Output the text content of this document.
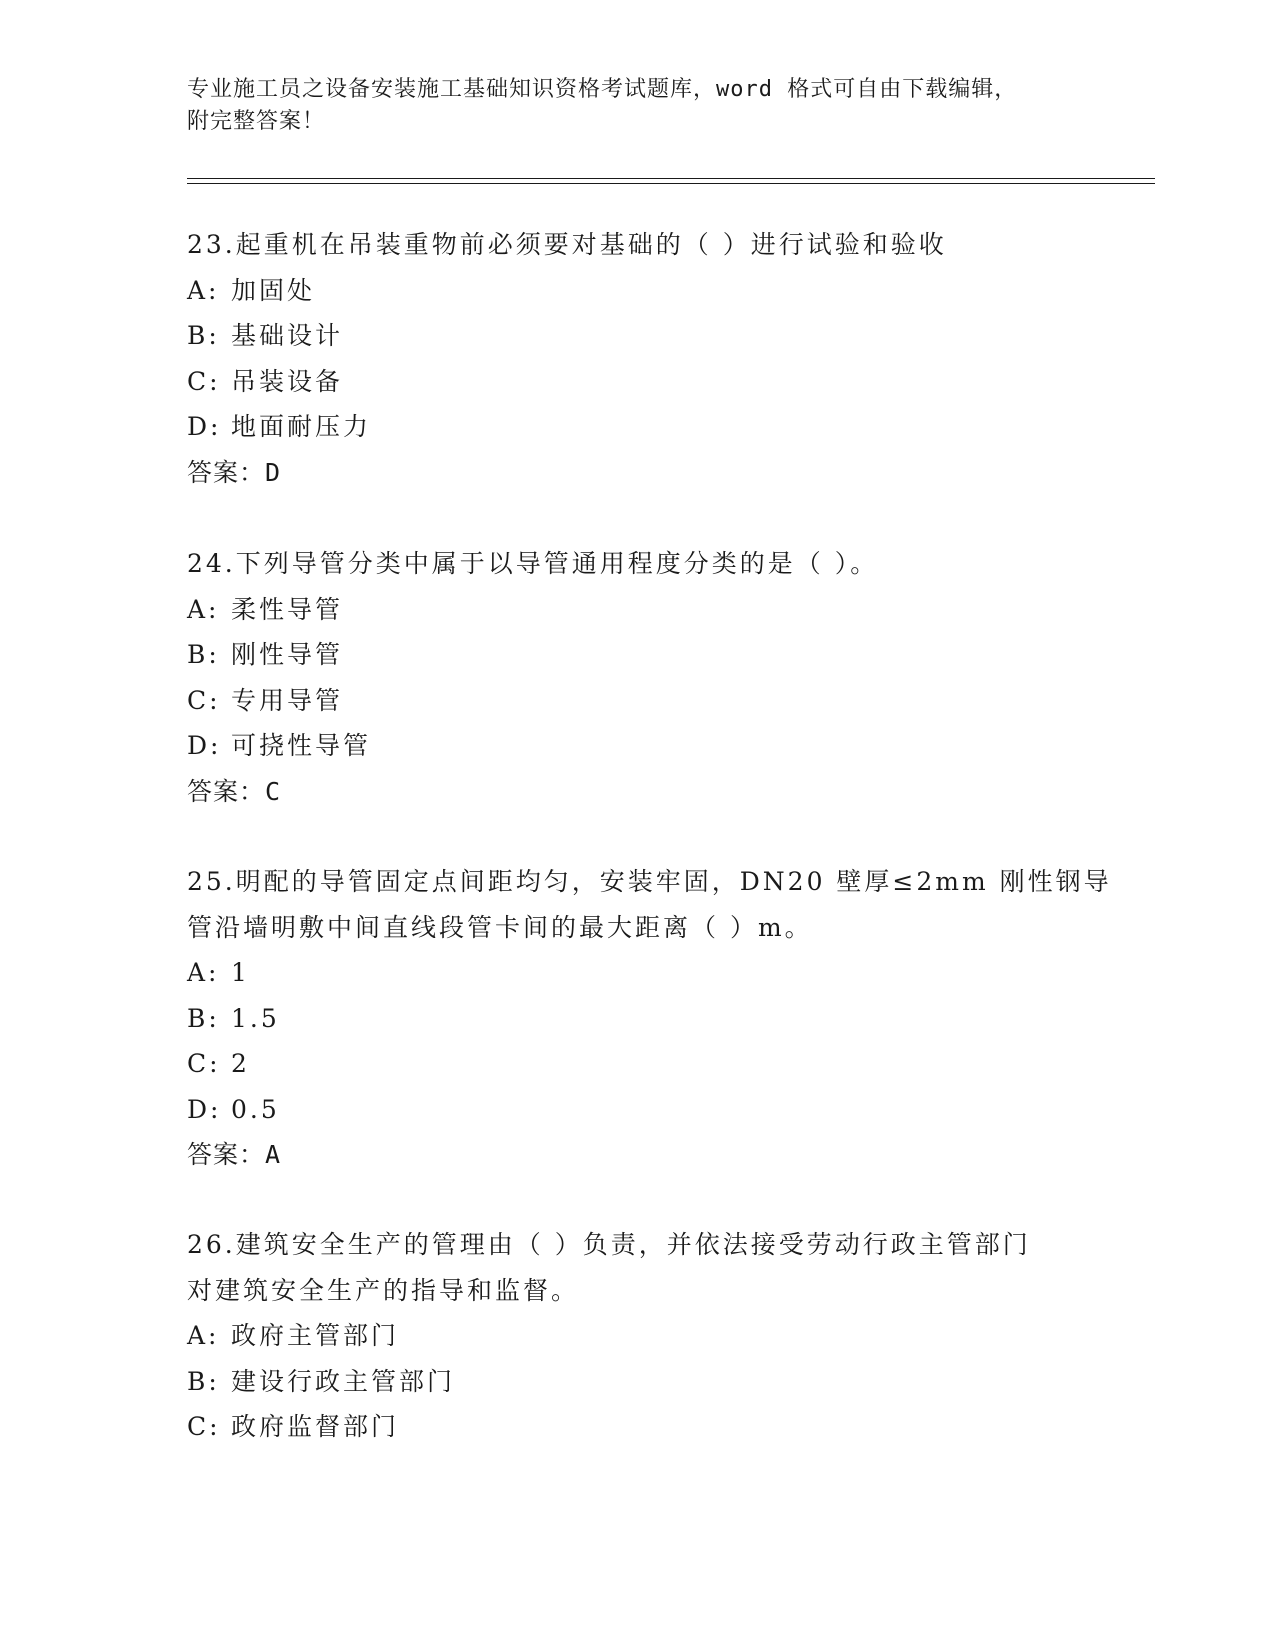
专业施工员之设备安装施工基础知识资格考试题库，word 格式可自由下载编辑，
附完整答案！
23.起重机在吊装重物前必须要对基础的（ ）进行试验和验收
A: 加固处
B: 基础设计
C: 吊装设备
D: 地面耐压力
答案：D
24.下列导管分类中属于以导管通用程度分类的是（ ）。
A: 柔性导管
B: 刚性导管
C: 专用导管
D: 可挠性导管
答案：C
25.明配的导管固定点间距均匀，安装牢固，DN20 壁厚≤2mm 刚性钢导
管沿墙明敷中间直线段管卡间的最大距离（ ）m。
A: 1
B: 1.5
C: 2
D: 0.5
答案：A
26.建筑安全生产的管理由（ ）负责，并依法接受劳动行政主管部门
对建筑安全生产的指导和监督。
A: 政府主管部门
B: 建设行政主管部门
C: 政府监督部门
